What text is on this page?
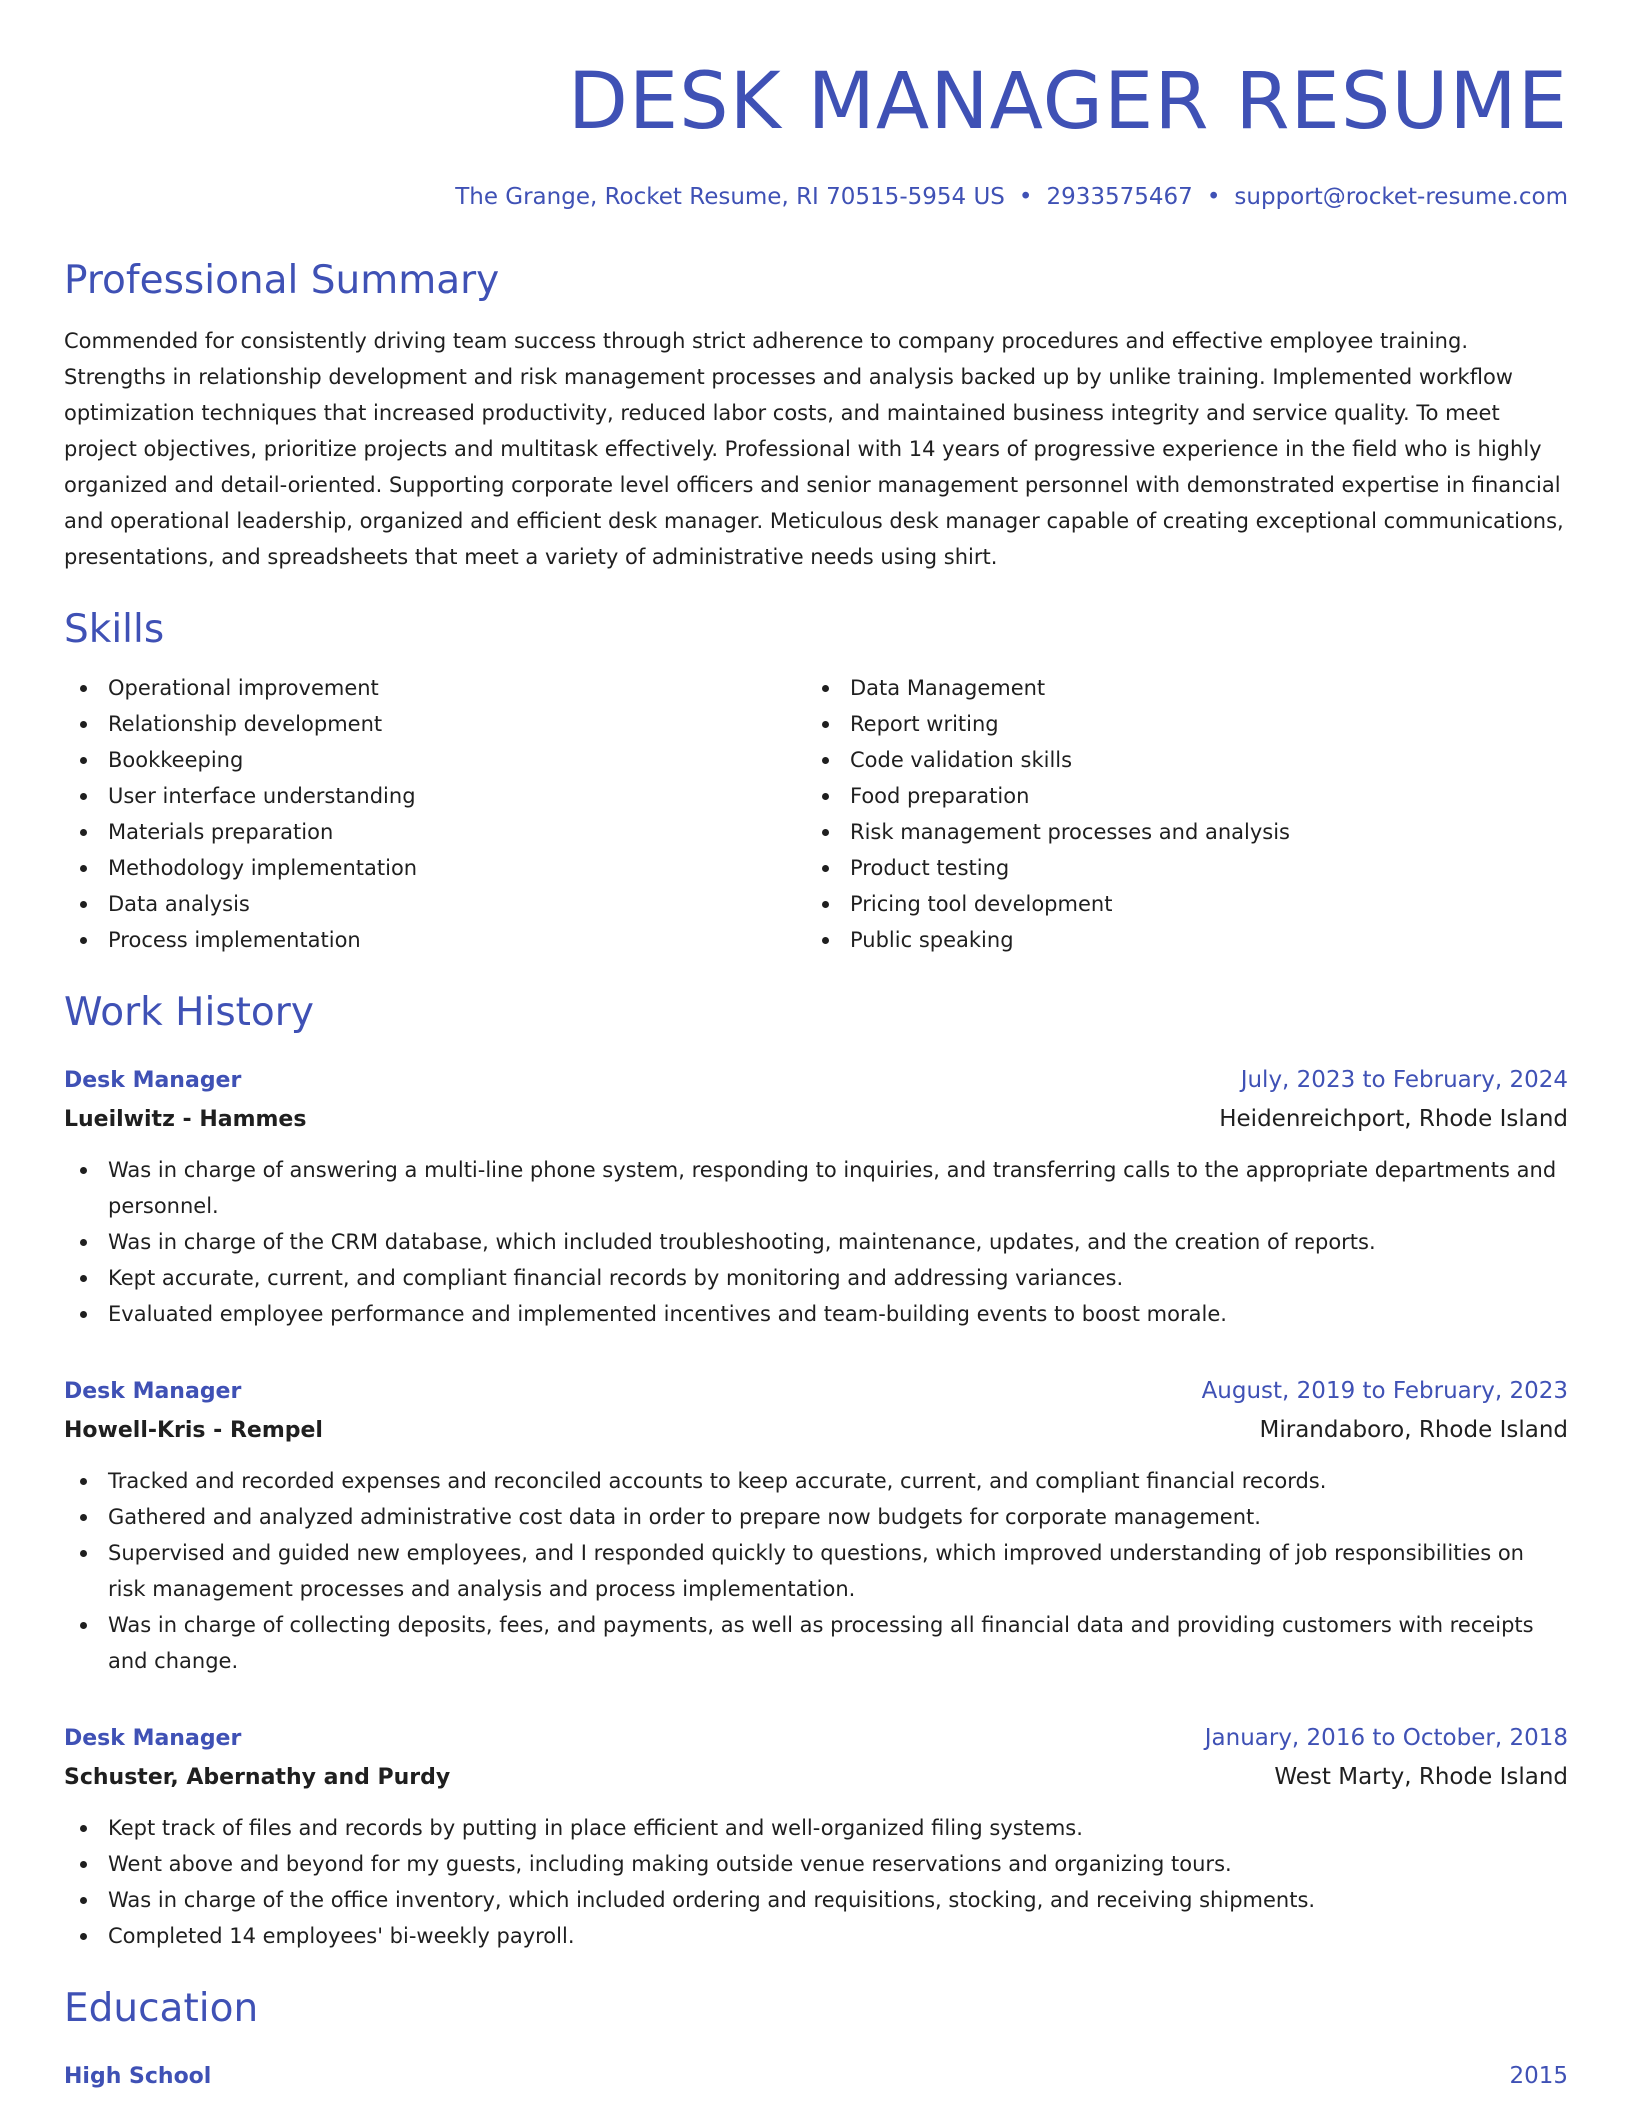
DESK MANAGER RESUME
The Grange, Rocket Resume, RI 70515-5954 US • 2933575467 • support@rocket-resume.com
Professional Summary

Commended for consistently driving team success through strict adherence to company procedures and effective employee training. Strengths in relationship development and risk management processes and analysis backed up by unlike training. Implemented workflow optimization techniques that increased productivity, reduced labor costs, and maintained business integrity and service quality. To meet project objectives, prioritize projects and multitask effectively. Professional with 14 years of progressive experience in the field who is highly organized and detail-oriented. Supporting corporate level officers and senior management personnel with demonstrated expertise in financial and operational leadership, organized and efficient desk manager. Meticulous desk manager capable of creating exceptional communications, presentations, and spreadsheets that meet a variety of administrative needs using shirt.

Skills
Operational improvement
Relationship development
Bookkeeping
User interface understanding
Materials preparation
Methodology implementation
Data analysis
Process implementation
Data Management
Report writing
Code validation skills
Food preparation
Risk management processes and analysis
Product testing
Pricing tool development
Public speaking
Work History
Desk Manager	July, 2023 to February, 2024
Lueilwitz - Hammes	Heidenreichport, Rhode Island
Was in charge of answering a multi-line phone system, responding to inquiries, and transferring calls to the appropriate departments and personnel.
Was in charge of the CRM database, which included troubleshooting, maintenance, updates, and the creation of reports.
Kept accurate, current, and compliant financial records by monitoring and addressing variances.
Evaluated employee performance and implemented incentives and team-building events to boost morale.
Desk Manager	August, 2019 to February, 2023
Howell-Kris - Rempel	Mirandaboro, Rhode Island
Tracked and recorded expenses and reconciled accounts to keep accurate, current, and compliant financial records.
Gathered and analyzed administrative cost data in order to prepare now budgets for corporate management.
Supervised and guided new employees, and I responded quickly to questions, which improved understanding of job responsibilities on risk management processes and analysis and process implementation.
Was in charge of collecting deposits, fees, and payments, as well as processing all financial data and providing customers with receipts and change.
Desk Manager	January, 2016 to October, 2018
Schuster, Abernathy and Purdy	West Marty, Rhode Island
Kept track of files and records by putting in place efficient and well-organized filing systems.
Went above and beyond for my guests, including making outside venue reservations and organizing tours.
Was in charge of the office inventory, which included ordering and requisitions, stocking, and receiving shipments.
Completed 14 employees' bi-weekly payroll.
Education
High School	2015
